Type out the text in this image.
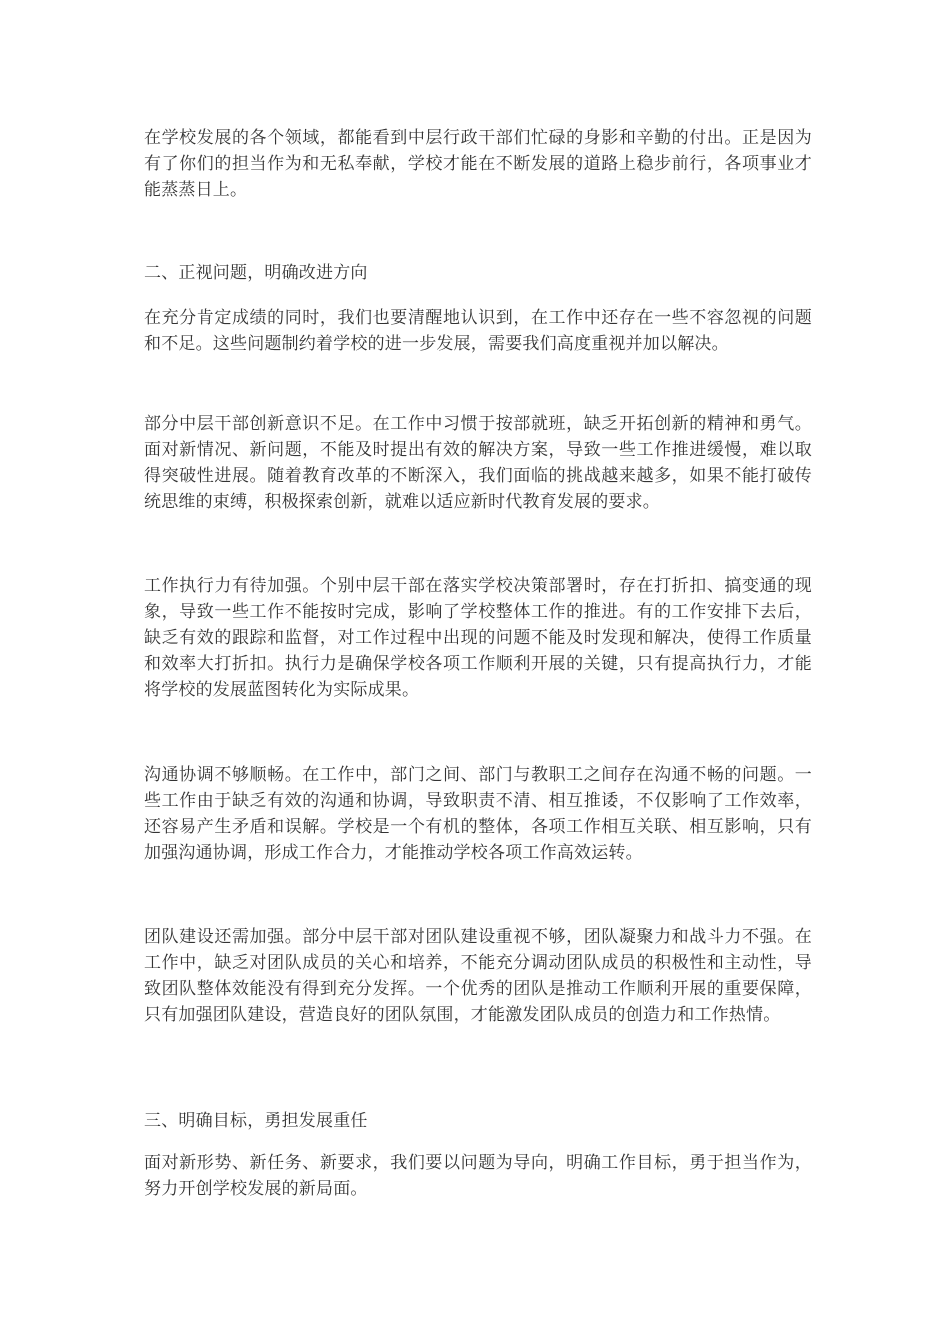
在学校发展的各个领域，都能看到中层行政干部们忙碌的身影和辛勤的付出。正是因为有了你们的担当作为和无私奉献，学校才能在不断发展的道路上稳步前行，各项事业才能蒸蒸日上。

二、正视问题，明确改进方向

在充分肯定成绩的同时，我们也要清醒地认识到，在工作中还存在一些不容忽视的问题和不足。这些问题制约着学校的进一步发展，需要我们高度重视并加以解决。

部分中层干部创新意识不足。在工作中习惯于按部就班，缺乏开拓创新的精神和勇气。面对新情况、新问题，不能及时提出有效的解决方案，导致一些工作推进缓慢，难以取得突破性进展。随着教育改革的不断深入，我们面临的挑战越来越多，如果不能打破传统思维的束缚，积极探索创新，就难以适应新时代教育发展的要求。

工作执行力有待加强。个别中层干部在落实学校决策部署时，存在打折扣、搞变通的现象，导致一些工作不能按时完成，影响了学校整体工作的推进。有的工作安排下去后，缺乏有效的跟踪和监督，对工作过程中出现的问题不能及时发现和解决，使得工作质量和效率大打折扣。执行力是确保学校各项工作顺利开展的关键，只有提高执行力，才能将学校的发展蓝图转化为实际成果。

沟通协调不够顺畅。在工作中，部门之间、部门与教职工之间存在沟通不畅的问题。一些工作由于缺乏有效的沟通和协调，导致职责不清、相互推诿，不仅影响了工作效率，还容易产生矛盾和误解。学校是一个有机的整体，各项工作相互关联、相互影响，只有加强沟通协调，形成工作合力，才能推动学校各项工作高效运转。

团队建设还需加强。部分中层干部对团队建设重视不够，团队凝聚力和战斗力不强。在工作中，缺乏对团队成员的关心和培养，不能充分调动团队成员的积极性和主动性，导致团队整体效能没有得到充分发挥。一个优秀的团队是推动工作顺利开展的重要保障，只有加强团队建设，营造良好的团队氛围，才能激发团队成员的创造力和工作热情。

三、明确目标，勇担发展重任

面对新形势、新任务、新要求，我们要以问题为导向，明确工作目标，勇于担当作为，努力开创学校发展的新局面。
